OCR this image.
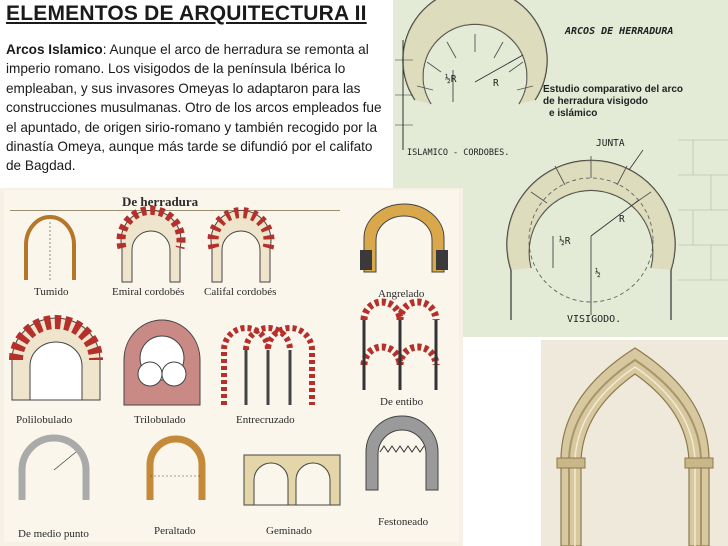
ELEMENTOS DE ARQUITECTURA II
Arcos Islamico: Aunque el arco de herradura se remonta al imperio romano. Los visigodos de la península Ibérica lo empleaban, y sus invasores Omeyas lo adaptaron para las construcciones musulmanas. Otro de los arcos empleados fue el apuntado, de origen sirio-romano y también recogido por la dinastía Omeya, aunque más tarde se difundió por el califato de Bagdad.
ARCOS DE HERRADURA
½R	R
Estudio comparativo del arco
de herradura visigodo
e islámico
ISLAMICO - CORDOBES.
JUNTA
R
½R
½
VISIGODO.
De herradura
Tumido	Emiral cordobés Califal cordobés	Angrelado
Polilobulado	Trilobulado	Entrecruzado
De entibo
De medio punto	Peraltado	Geminado
Festoneado
